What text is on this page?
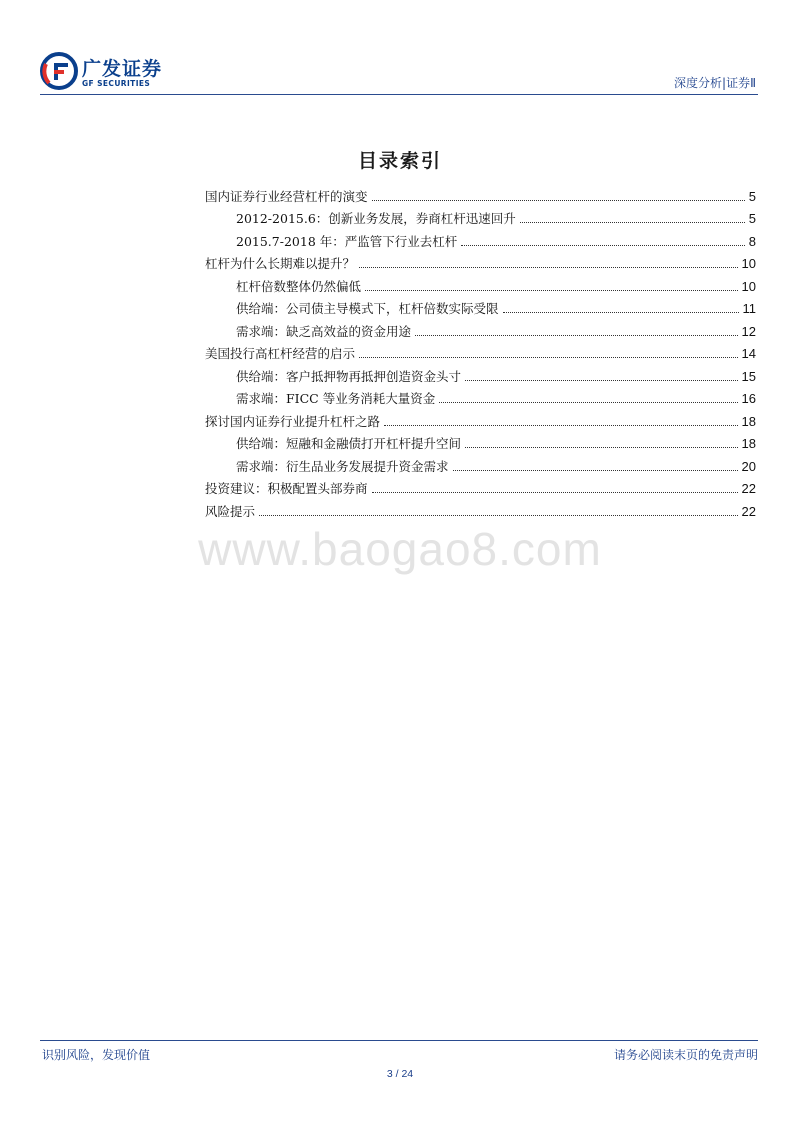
广发证券
GF SECURITIES	深度分析|证券Ⅱ
目录索引
国内证券行业经营杠杆的演变	5
2012-2015.6：创新业务发展，券商杠杆迅速回升	5
2015.7-2018 年：严监管下行业去杠杆	8
杠杆为什么长期难以提升？	10
杠杆倍数整体仍然偏低	10
供给端：公司债主导模式下，杠杆倍数实际受限	11
需求端：缺乏高效益的资金用途	12
美国投行高杠杆经营的启示	14
供给端：客户抵押物再抵押创造资金头寸	15
需求端：FICC 等业务消耗大量资金	16
探讨国内证券行业提升杠杆之路	18
供给端：短融和金融债打开杠杆提升空间	18
需求端：衍生品业务发展提升资金需求	20
投资建议：积极配置头部券商	22
风险提示	22
www.baogao8.com
识别风险，发现价值	请务必阅读末页的免责声明
3 / 24
